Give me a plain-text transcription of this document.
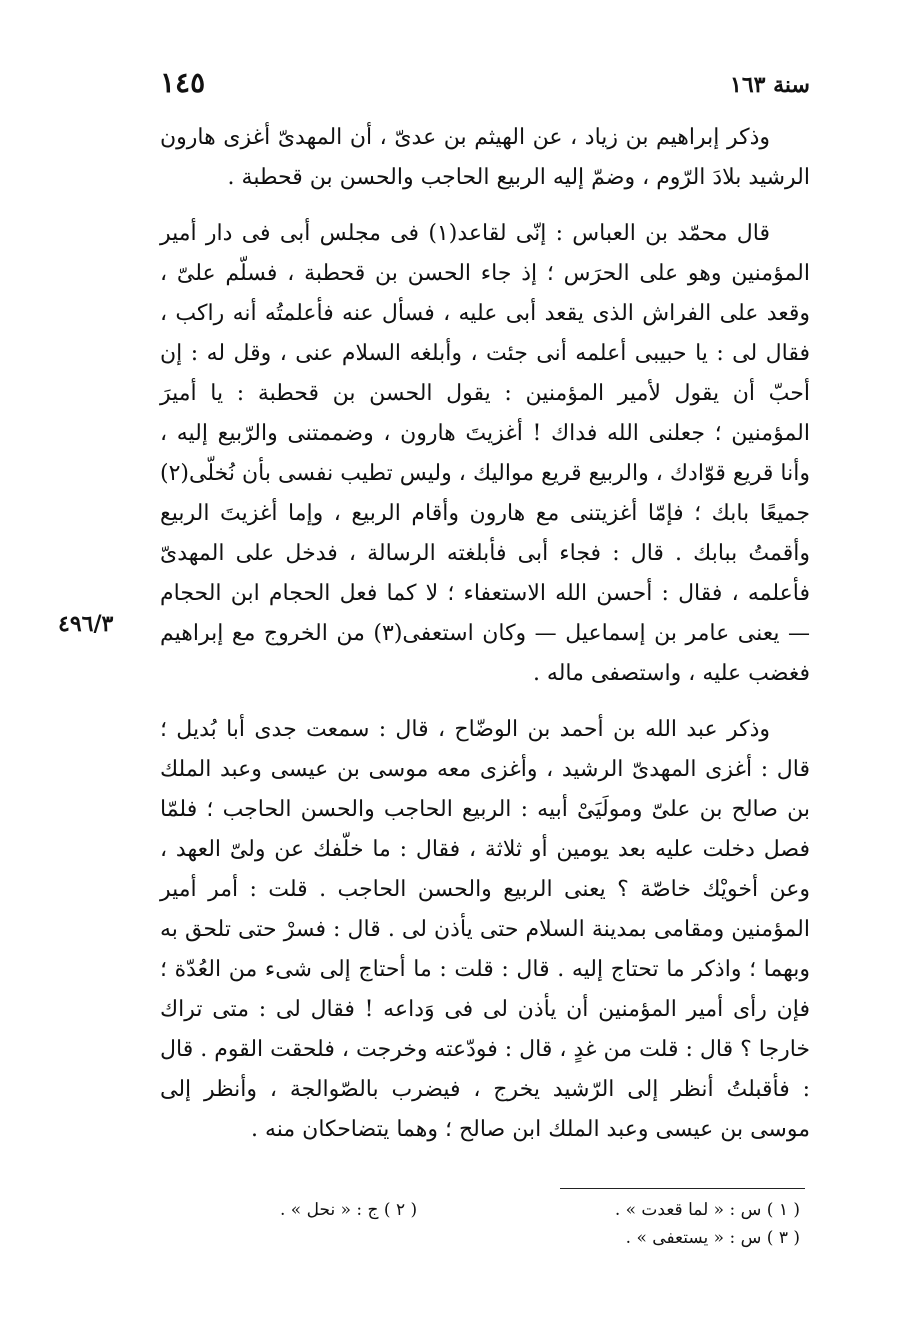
١٤٥	سنة ١٦٣
٤٩٦/٣

وذكر إبراهيم بن زياد ، عن الهيثم بن عدىّ ، أن المهدىّ أغزى هارون الرشيد بلادَ الرّوم ، وضمّ إليه الربيع الحاجب والحسن بن قحطبة .

قال محمّد بن العباس : إنّى لقاعد(١) فى مجلس أبى فى دار أمير المؤمنين وهو على الحرَس ؛ إذ جاء الحسن بن قحطبة ، فسلّم علىّ ، وقعد على الفراش الذى يقعد أبى عليه ، فسأل عنه فأعلمتُه أنه راكب ، فقال لى : يا حبيبى أعلمه أنى جئت ، وأبلغه السلام عنى ، وقل له : إن أحبّ أن يقول لأمير المؤمنين : يقول الحسن بن قحطبة : يا أميرَ المؤمنين ؛ جعلنى الله فداك ! أغزيتَ هارون ، وضممتنى والرّبيع إليه ، وأنا قريع قوّادك ، والربيع قريع مواليك ، وليس تطيب نفسى بأن نُخلّى(٢) جميعًا بابك ؛ فإمّا أغزيتنى مع هارون وأقام الربيع ، وإما أغزيتَ الربيع وأقمتُ ببابك . قال : فجاء أبى فأبلغته الرسالة ، فدخل على المهدىّ فأعلمه ، فقال : أحسن الله الاستعفاء ؛ لا كما فعل الحجام ابن الحجام — يعنى عامر بن إسماعيل — وكان استعفى(٣) من الخروج مع إبراهيم فغضب عليه ، واستصفى ماله .

وذكر عبد الله بن أحمد بن الوضّاح ، قال : سمعت جدى أبا بُديل ؛ قال : أغزى المهدىّ الرشيد ، وأغزى معه موسى بن عيسى وعبد الملك بن صالح بن علىّ ومولَيَىْ أبيه : الربيع الحاجب والحسن الحاجب ؛ فلمّا فصل دخلت عليه بعد يومين أو ثلاثة ، فقال : ما خلّفك عن ولىّ العهد ، وعن أخويْك خاصّة ؟ يعنى الربيع والحسن الحاجب . قلت : أمر أمير المؤمنين ومقامى بمدينة السلام حتى يأذن لى . قال : فسرْ حتى تلحق به وبهما ؛ واذكر ما تحتاج إليه . قال : قلت : ما أحتاج إلى شىء من العُدّة ؛ فإن رأى أمير المؤمنين أن يأذن لى فى وَداعه ! فقال لى : متى تراك خارجا ؟ قال : قلت من غدٍ ، قال : فودّعته وخرجت ، فلحقت القوم . قال : فأقبلتُ أنظر إلى الرّشيد يخرج ، فيضرب بالصّوالجة ، وأنظر إلى موسى بن عيسى وعبد الملك ابن صالح ؛ وهما يتضاحكان منه .

( ١ ) س : « لما قعدت » .
( ٢ ) ج : « نحل » .
( ٣ ) س : « يستعفى » .
